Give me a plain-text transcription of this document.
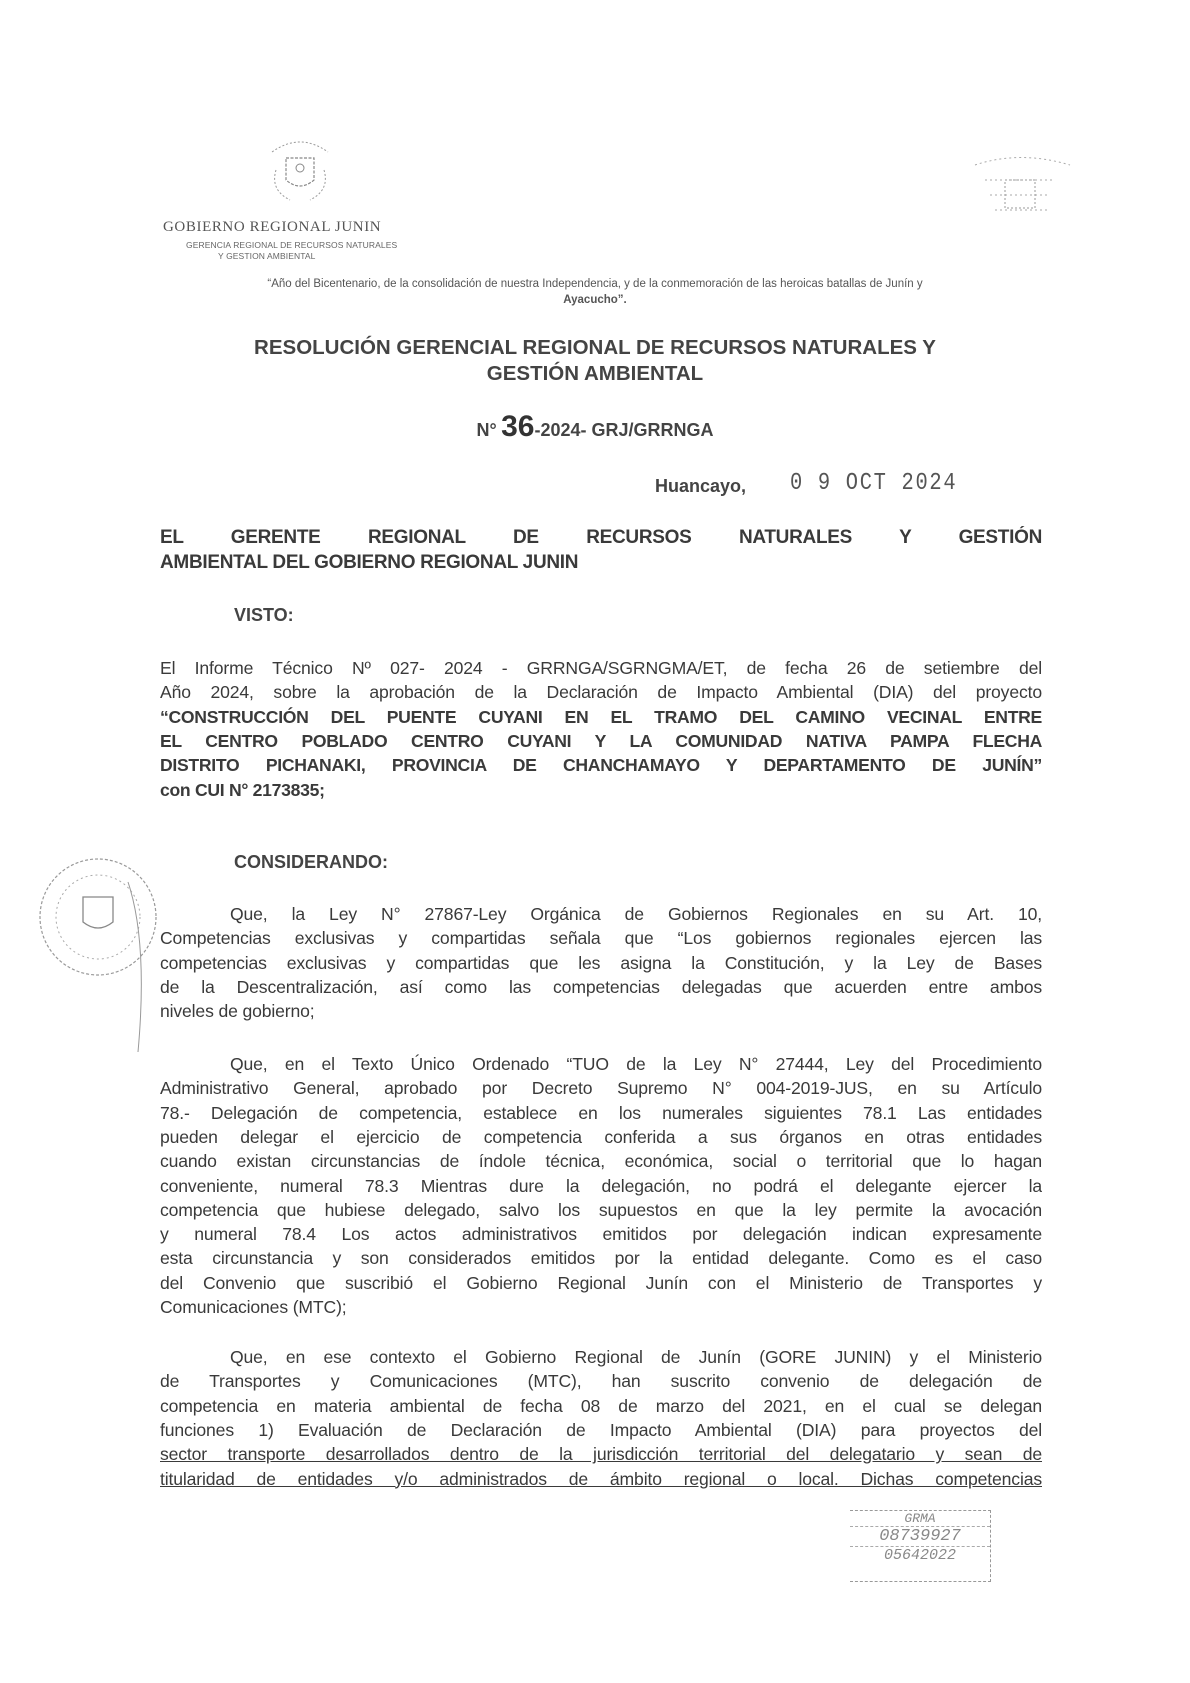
GOBIERNO REGIONAL JUNIN
GERENCIA REGIONAL DE RECURSOS NATURALES
Y GESTION AMBIENTAL
“Año del Bicentenario, de la consolidación de nuestra Independencia, y de la conmemoración de las heroicas batallas de Junín y
Ayacucho”.
RESOLUCIÓN GERENCIAL REGIONAL DE RECURSOS NATURALES Y
GESTIÓN AMBIENTAL
N° 36-2024- GRJ/GRRNGA
Huancayo, 0 9 OCT 2024
EL GERENTE REGIONAL DE RECURSOS NATURALES Y GESTIÓN
AMBIENTAL DEL GOBIERNO REGIONAL JUNIN
VISTO:
El Informe Técnico Nº 027- 2024 - GRRNGA/SGRNGMA/ET, de fecha 26 de setiembre del
Año 2024, sobre la aprobación de la Declaración de Impacto Ambiental (DIA) del proyecto
“CONSTRUCCIÓN DEL PUENTE CUYANI EN EL TRAMO DEL CAMINO VECINAL ENTRE
EL CENTRO POBLADO CENTRO CUYANI Y LA COMUNIDAD NATIVA PAMPA FLECHA
DISTRITO PICHANAKI, PROVINCIA DE CHANCHAMAYO Y DEPARTAMENTO DE JUNÍN”
con CUI N° 2173835;
CONSIDERANDO:
Que, la Ley N° 27867-Ley Orgánica de Gobiernos Regionales en su Art. 10,
Competencias exclusivas y compartidas señala que “Los gobiernos regionales ejercen las
competencias exclusivas y compartidas que les asigna la Constitución, y la Ley de Bases
de la Descentralización, así como las competencias delegadas que acuerden entre ambos
niveles de gobierno;
Que, en el Texto Único Ordenado “TUO de la Ley N° 27444, Ley del Procedimiento
Administrativo General, aprobado por Decreto Supremo N° 004-2019-JUS, en su Artículo
78.- Delegación de competencia, establece en los numerales siguientes 78.1 Las entidades
pueden delegar el ejercicio de competencia conferida a sus órganos en otras entidades
cuando existan circunstancias de índole técnica, económica, social o territorial que lo hagan
conveniente, numeral 78.3 Mientras dure la delegación, no podrá el delegante ejercer la
competencia que hubiese delegado, salvo los supuestos en que la ley permite la avocación
y numeral 78.4 Los actos administrativos emitidos por delegación indican expresamente
esta circunstancia y son considerados emitidos por la entidad delegante. Como es el caso
del Convenio que suscribió el Gobierno Regional Junín con el Ministerio de Transportes y
Comunicaciones (MTC);
Que, en ese contexto el Gobierno Regional de Junín (GORE JUNIN) y el Ministerio
de Transportes y Comunicaciones (MTC), han suscrito convenio de delegación de
competencia en materia ambiental de fecha 08 de marzo del 2021, en el cual se delegan
funciones 1) Evaluación de Declaración de Impacto Ambiental (DIA) para proyectos del
sector transporte desarrollados dentro de la jurisdicción territorial del delegatario y sean de
titularidad de entidades y/o administrados de ámbito regional o local. Dichas competencias
GRMA
08739927
05642022
